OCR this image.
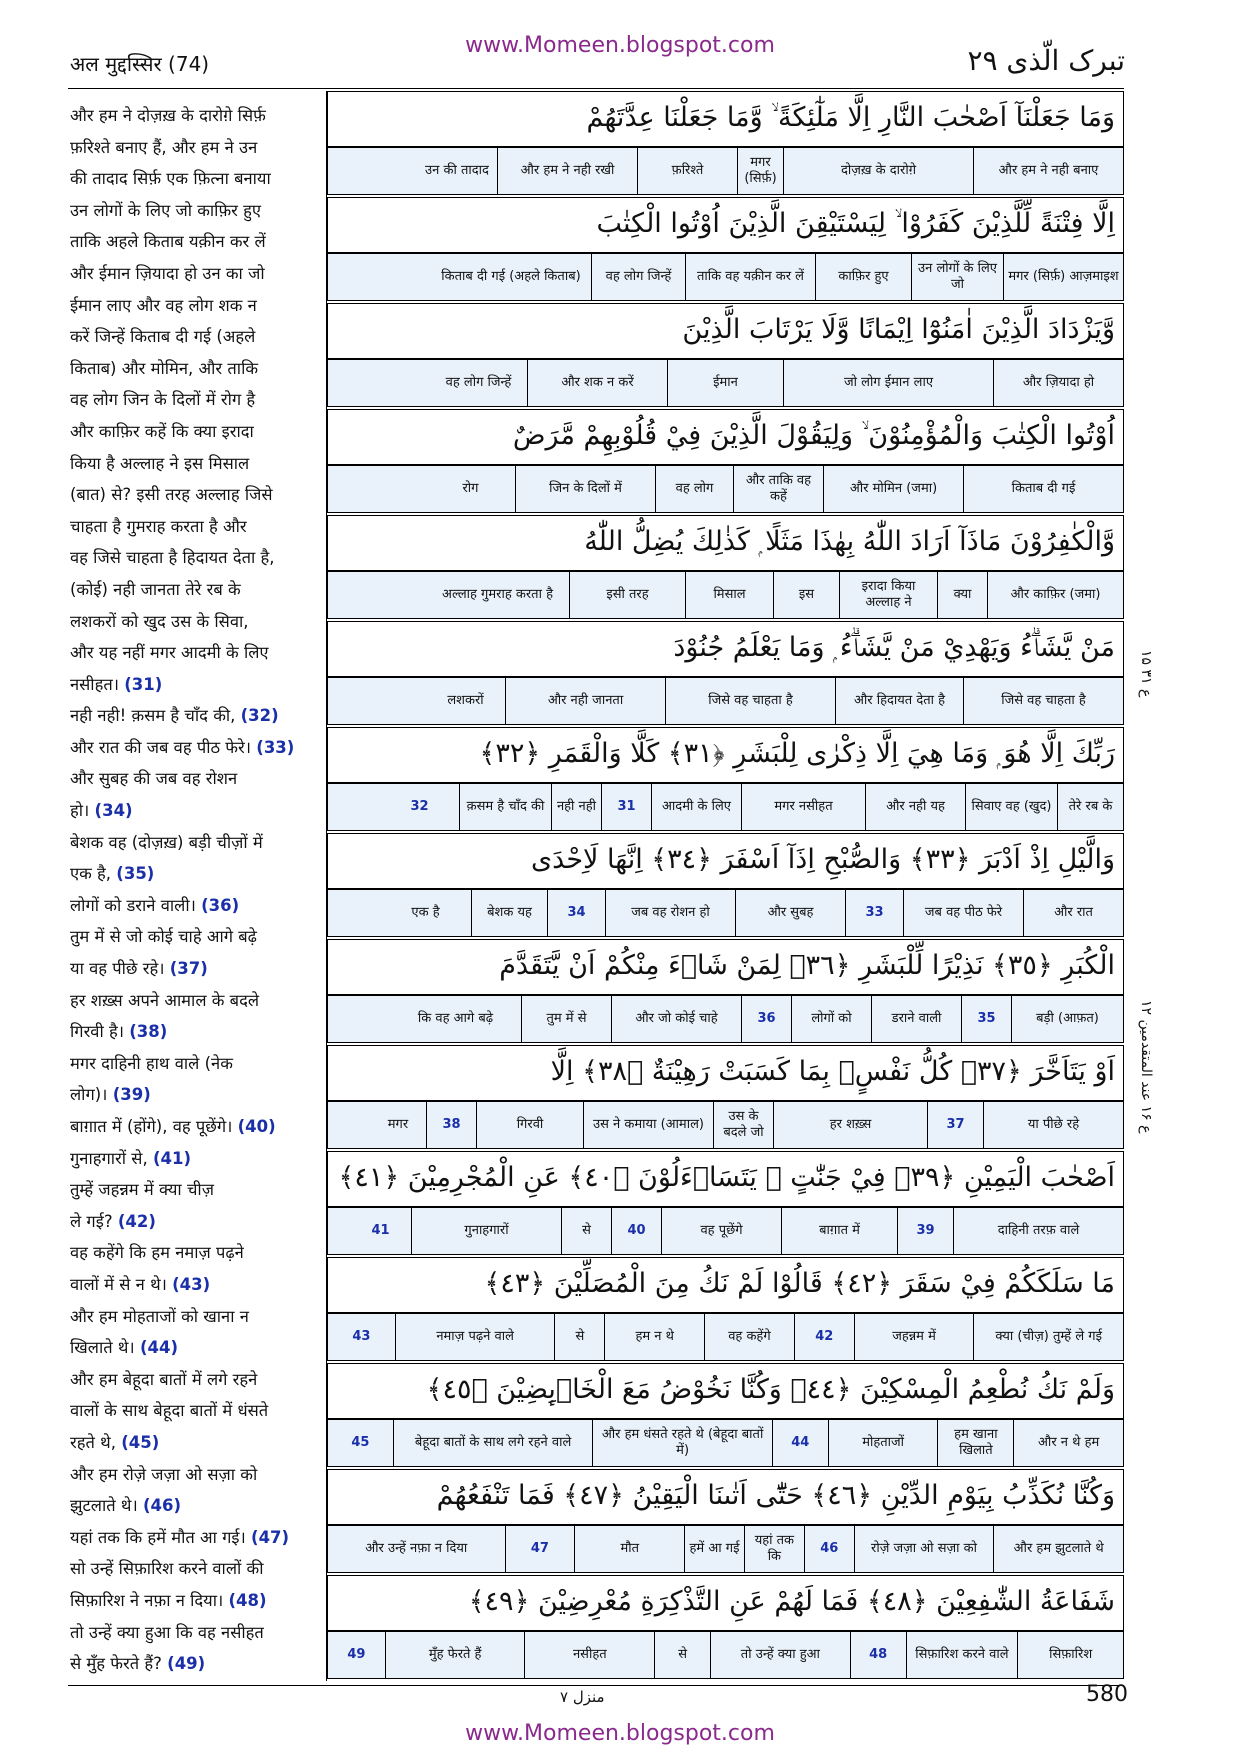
अल मुद्दस्सिर (74)
www.Momeen.blogspot.com	تبرک الّذی ۲۹
और हम ने दोज़ख़ के दारोगे़ सिर्फ़
फ़रिश्ते बनाए हैं, और हम ने उन
की तादाद सिर्फ़ एक फ़ित्ना बनाया
उन लोगों के लिए जो काफ़िर हुए
ताकि अहले किताब यक़ीन कर लें
और ईमान ज़ियादा हो उन का जो
ईमान लाए और वह लोग शक न
करें जिन्हें किताब दी गई (अहले
किताब) और मोमिन, और ताकि
वह लोग जिन के दिलों में रोग है
और काफ़िर कहें कि क्या इरादा
किया है अल्लाह ने इस मिसाल
(बात) से? इसी तरह अल्लाह जिसे
चाहता है गुमराह करता है और
वह जिसे चाहता है हिदायत देता है,
(कोई) नही जानता तेरे रब के
लशकरों को खुद उस के सिवा,
और यह नहीं मगर आदमी के लिए
नसीहत। (31)
नही नही! क़सम है चाँद की, (32)
और रात की जब वह पीठ फेरे। (33)
और सुबह की जब वह रोशन
हो। (34)
बेशक वह (दोज़ख़) बड़ी चीज़ों में
एक है, (35)
लोगों को डराने वाली। (36)
तुम में से जो कोई चाहे आगे बढ़े
या वह पीछे रहे। (37)
हर शख़्स अपने आमाल के बदले
गिरवी है। (38)
मगर दाहिनी हाथ वाले (नेक
लोग)। (39)
बाग़ात में (होंगे), वह पूछेंगे। (40)
गुनाहगारों से, (41)
तुम्हें जहन्नम में क्या चीज़
ले गई? (42)
वह कहेंगे कि हम नमाज़ पढ़ने
वालों में से न थे। (43)
और हम मोहताजों को खाना न
खिलाते थे। (44)
और हम बेहूदा बातों में लगे रहने
वालों के साथ बेहूदा बातों में धंसते
रहते थे, (45)
और हम रोज़े जज़ा ओ सज़ा को
झुटलाते थे। (46)
यहां तक कि हमें मौत आ गई। (47)
सो उन्हें सिफ़ारिश करने वालों की
सिफ़ारिश ने नफ़ा न दिया। (48)
तो उन्हें क्या हुआ कि वह नसीहत
से मुँह फेरते हैं? (49)
وَمَا جَعَلْنَآ اَصْحٰبَ النَّارِ اِلَّا مَلٰٓئِكَةً ۙ وَّمَا جَعَلْنَا عِدَّتَهُمْ
और हम ने नही बनाए
दोज़ख़ के दारोगे़
मगर (सिर्फ़)
फ़रिश्ते
और हम ने नही रखी
उन की तादाद
اِلَّا فِتْنَةً لِّلَّذِيْنَ كَفَرُوْا ۙ لِيَسْتَيْقِنَ الَّذِيْنَ اُوْتُوا الْكِتٰبَ
मगर (सिर्फ़) आज़माइश
उन लोगों के लिए जो
काफ़िर हुए
ताकि वह यक़ीन कर लें
वह लोग जिन्हें
किताब दी गई (अहले किताब)
وَّيَزْدَادَ الَّذِيْنَ اٰمَنُوْٓا اِيْمَانًا وَّلَا يَرْتَابَ الَّذِيْنَ
और ज़ियादा हो
जो लोग ईमान लाए
ईमान
और शक न करें
वह लोग जिन्हें
اُوْتُوا الْكِتٰبَ وَالْمُؤْمِنُوْنَ ۙ وَلِيَقُوْلَ الَّذِيْنَ فِيْ قُلُوْبِهِمْ مَّرَضٌ
किताब दी गई
और मोमिन (जमा)
और ताकि वह कहें
वह लोग
जिन के दिलों में
रोग
وَّالْكٰفِرُوْنَ مَاذَآ اَرَادَ اللّٰهُ بِهٰذَا مَثَلًا ۭ كَذٰلِكَ يُضِلُّ اللّٰهُ
और काफ़िर (जमा)
क्या
इरादा किया अल्लाह ने
इस
मिसाल
इसी तरह
अल्लाह गुमराह करता है
مَنْ يَّشَاۗءُ وَيَهْدِيْ مَنْ يَّشَاۗءُ ۭ وَمَا يَعْلَمُ جُنُوْدَ
जिसे वह चाहता है
और हिदायत देता है
जिसे वह चाहता है
और नही जानता
लशकरों
رَبِّكَ اِلَّا هُوَ ۭ وَمَا هِيَ اِلَّا ذِكْرٰى لِلْبَشَرِ ﴿٣١﴾ كَلَّا وَالْقَمَرِ ﴿٣٢﴾
तेरे रब के
सिवाए वह (खुद)
और नही यह
मगर नसीहत
आदमी के लिए
31
नही नही
क़सम है चाँद की
32
وَالَّيْلِ اِذْ اَدْبَرَ ﴿٣٣﴾ وَالصُّبْحِ اِذَآ اَسْفَرَ ﴿٣٤﴾ اِنَّهَا لَاِحْدَى
और रात
जब वह पीठ फेरे
33
और सुबह
जब वह रोशन हो
34
बेशक यह
एक है
الْكُبَرِ ﴿٣٥﴾ نَذِيْرًا لِّلْبَشَرِ ﴿٣٦﴾ لِمَنْ شَاۗءَ مِنْكُمْ اَنْ يَّتَقَدَّمَ
बड़ी (आफ़त)
35
डराने वाली
लोगों को
36
और जो कोई चाहे
तुम में से
कि वह आगे बढ़े
اَوْ يَتَاَخَّرَ ﴿٣٧﴾ كُلُّ نَفْسٍۢ بِمَا كَسَبَتْ رَهِيْنَةٌ ﴿٣٨﴾ اِلَّا
या पीछे रहे
37
हर शख़्स
उस के बदले जो
उस ने कमाया (आमाल)
गिरवी
38
मगर
اَصْحٰبَ الْيَمِيْنِ ﴿٣٩﴾ فِيْ جَنّٰتٍ ۭ يَتَسَاۗءَلُوْنَ ﴿٤٠﴾ عَنِ الْمُجْرِمِيْنَ ﴿٤١﴾
दाहिनी तरफ़ वाले
39
बाग़ात में
वह पूछेंगे
40
से
गुनाहगारों
41
مَا سَلَكَكُمْ فِيْ سَقَرَ ﴿٤٢﴾ قَالُوْا لَمْ نَكُ مِنَ الْمُصَلِّيْنَ ﴿٤٣﴾
क्या (चीज़) तुम्हें ले गई
जहन्नम में
42
वह कहेंगे
हम न थे
से
नमाज़ पढ़ने वाले
43
وَلَمْ نَكُ نُطْعِمُ الْمِسْكِيْنَ ﴿٤٤﴾ وَكُنَّا نَخُوْضُ مَعَ الْخَاۗىِٕضِيْنَ ﴿٤٥﴾
और न थे हम
हम खाना खिलाते
मोहताजों
44
और हम धंसते रहते थे (बेहूदा बातों में)
बेहूदा बातों के साथ लगे रहने वाले
45
وَكُنَّا نُكَذِّبُ بِيَوْمِ الدِّيْنِ ﴿٤٦﴾ حَتّٰٓى اَتٰىنَا الْيَقِيْنُ ﴿٤٧﴾ فَمَا تَنْفَعُهُمْ
और हम झुटलाते थे
रोज़े जज़ा ओ सज़ा को
46
यहां तक कि
हमें आ गई
मौत
47
और उन्हें नफ़ा न दिया
شَفَاعَةُ الشّٰفِعِيْنَ ﴿٤٨﴾ فَمَا لَهُمْ عَنِ التَّذْكِرَةِ مُعْرِضِيْنَ ﴿٤٩﴾
सिफ़ारिश
सिफ़ारिश करने वाले
48
तो उन्हें क्या हुआ
से
नसीहत
मुँह फेरते हैं
49
ع ۳۱ ۱۵
ع ۱۶ عند المتقدمین ۱۲
منزل ۷	580
www.Momeen.blogspot.com
